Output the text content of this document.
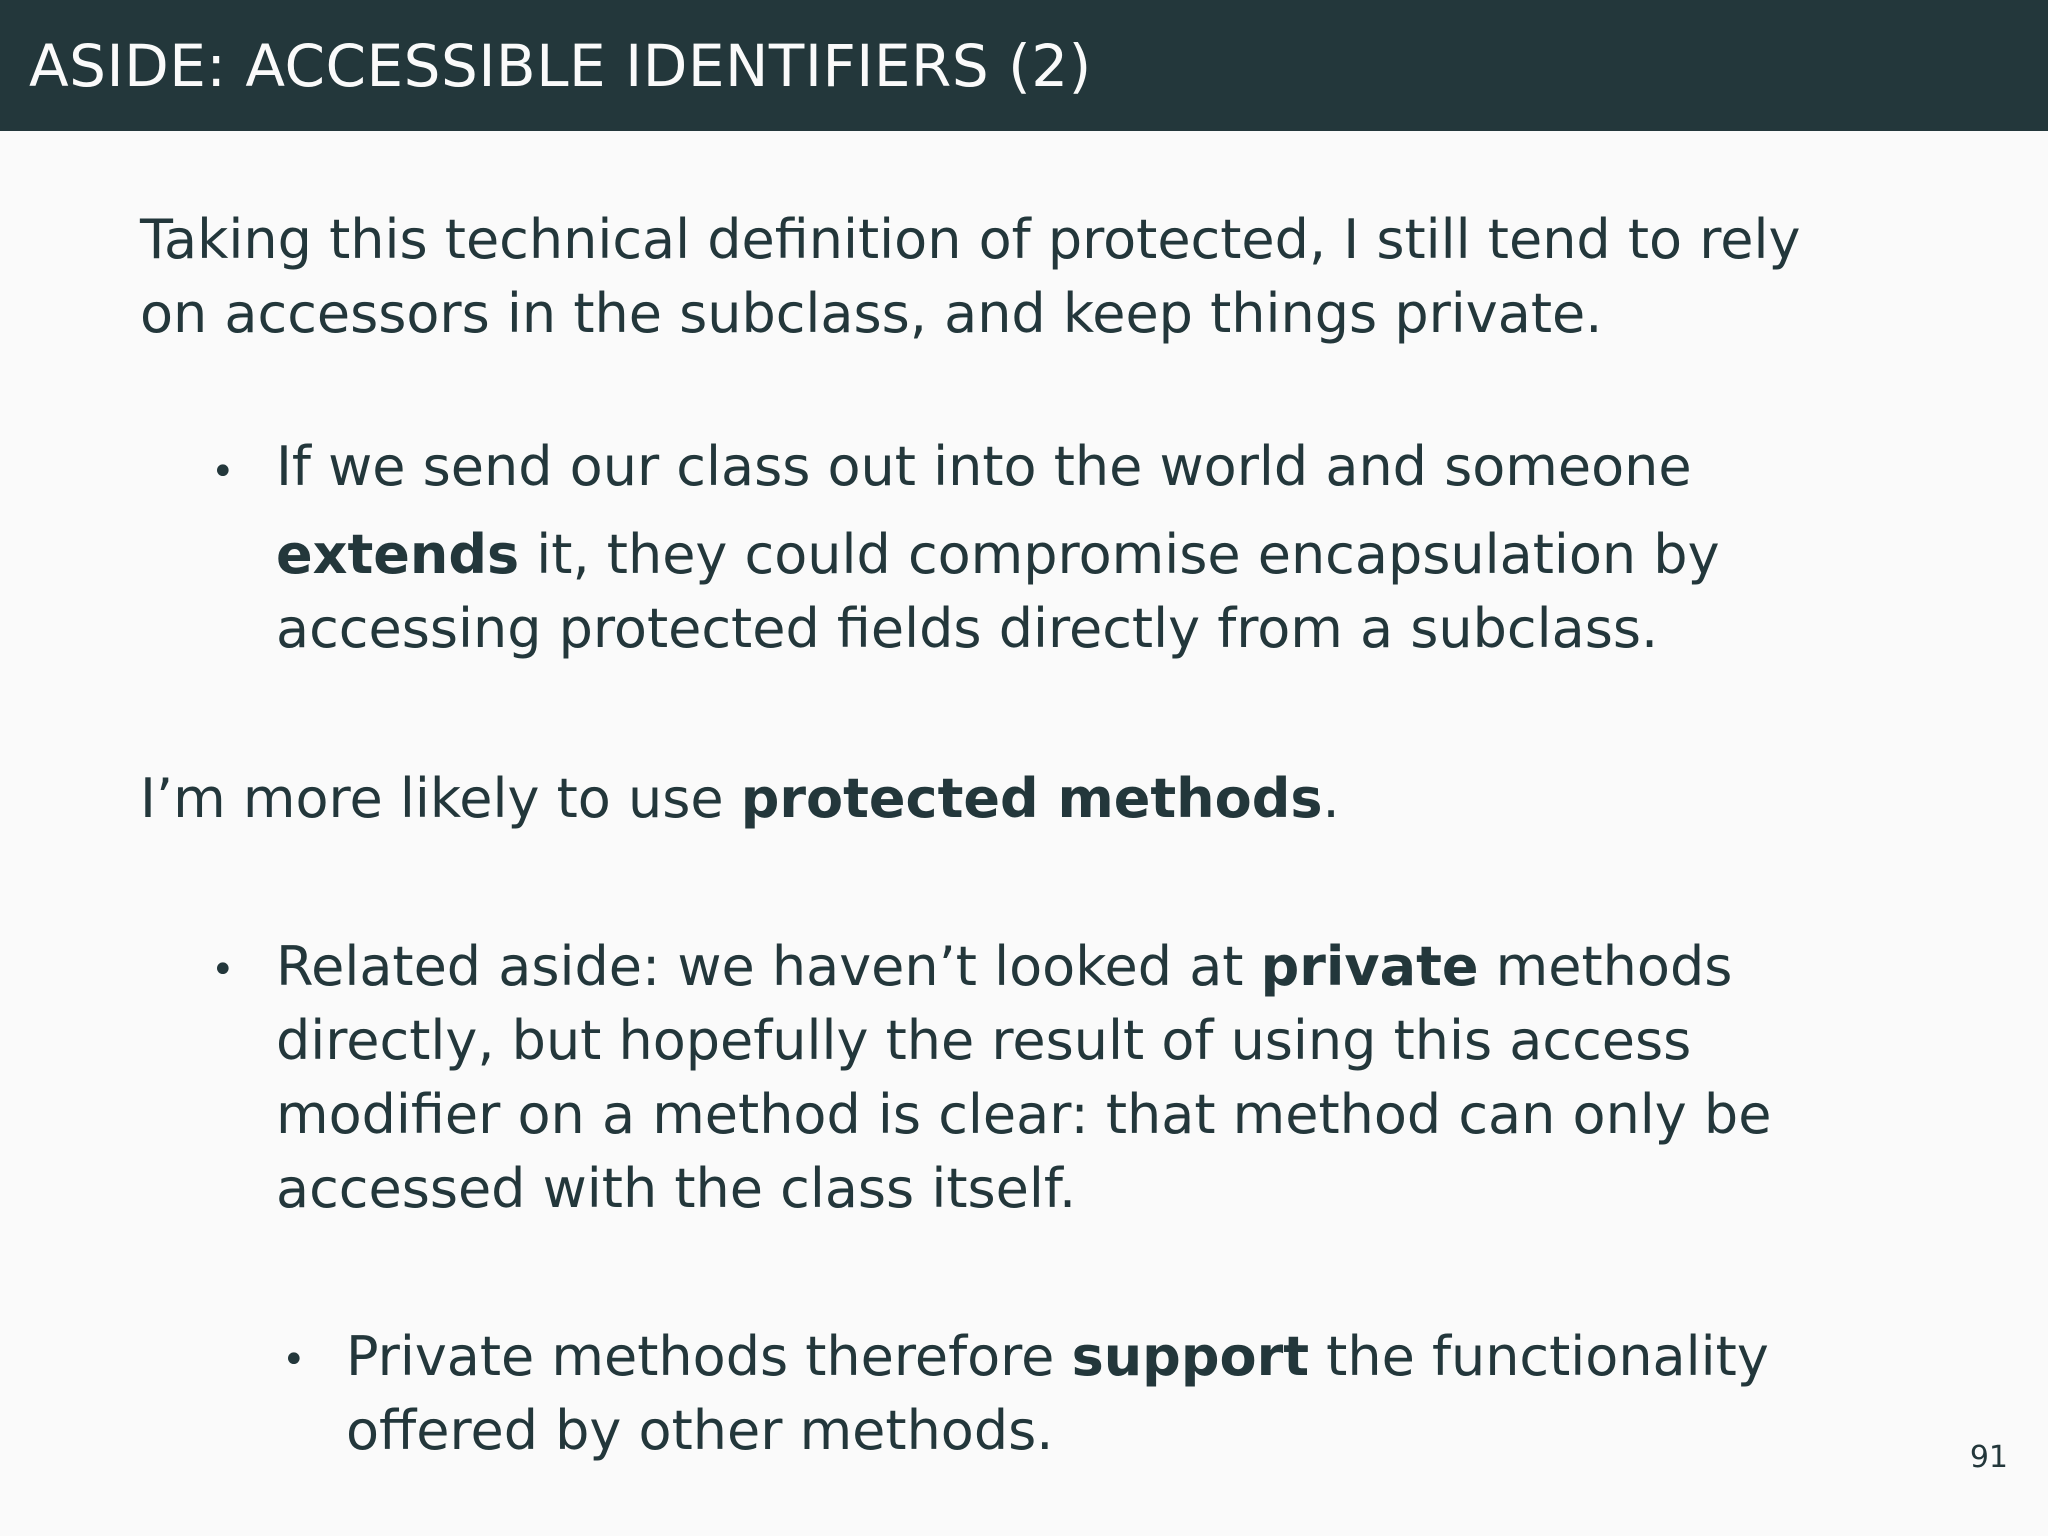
ASIDE: ACCESSIBLE IDENTIFIERS (2)

Taking this technical definition of protected, I still tend to rely
on accessors in the subclass, and keep things private.

• If we send our class out into the world and someone
extends it, they could compromise encapsulation by
accessing protected fields directly from a subclass.

I’m more likely to use protected methods.

• Related aside: we haven’t looked at private methods
directly, but hopefully the result of using this access
modifier on a method is clear: that method can only be
accessed with the class itself.

• Private methods therefore support the functionality
offered by other methods.	91
